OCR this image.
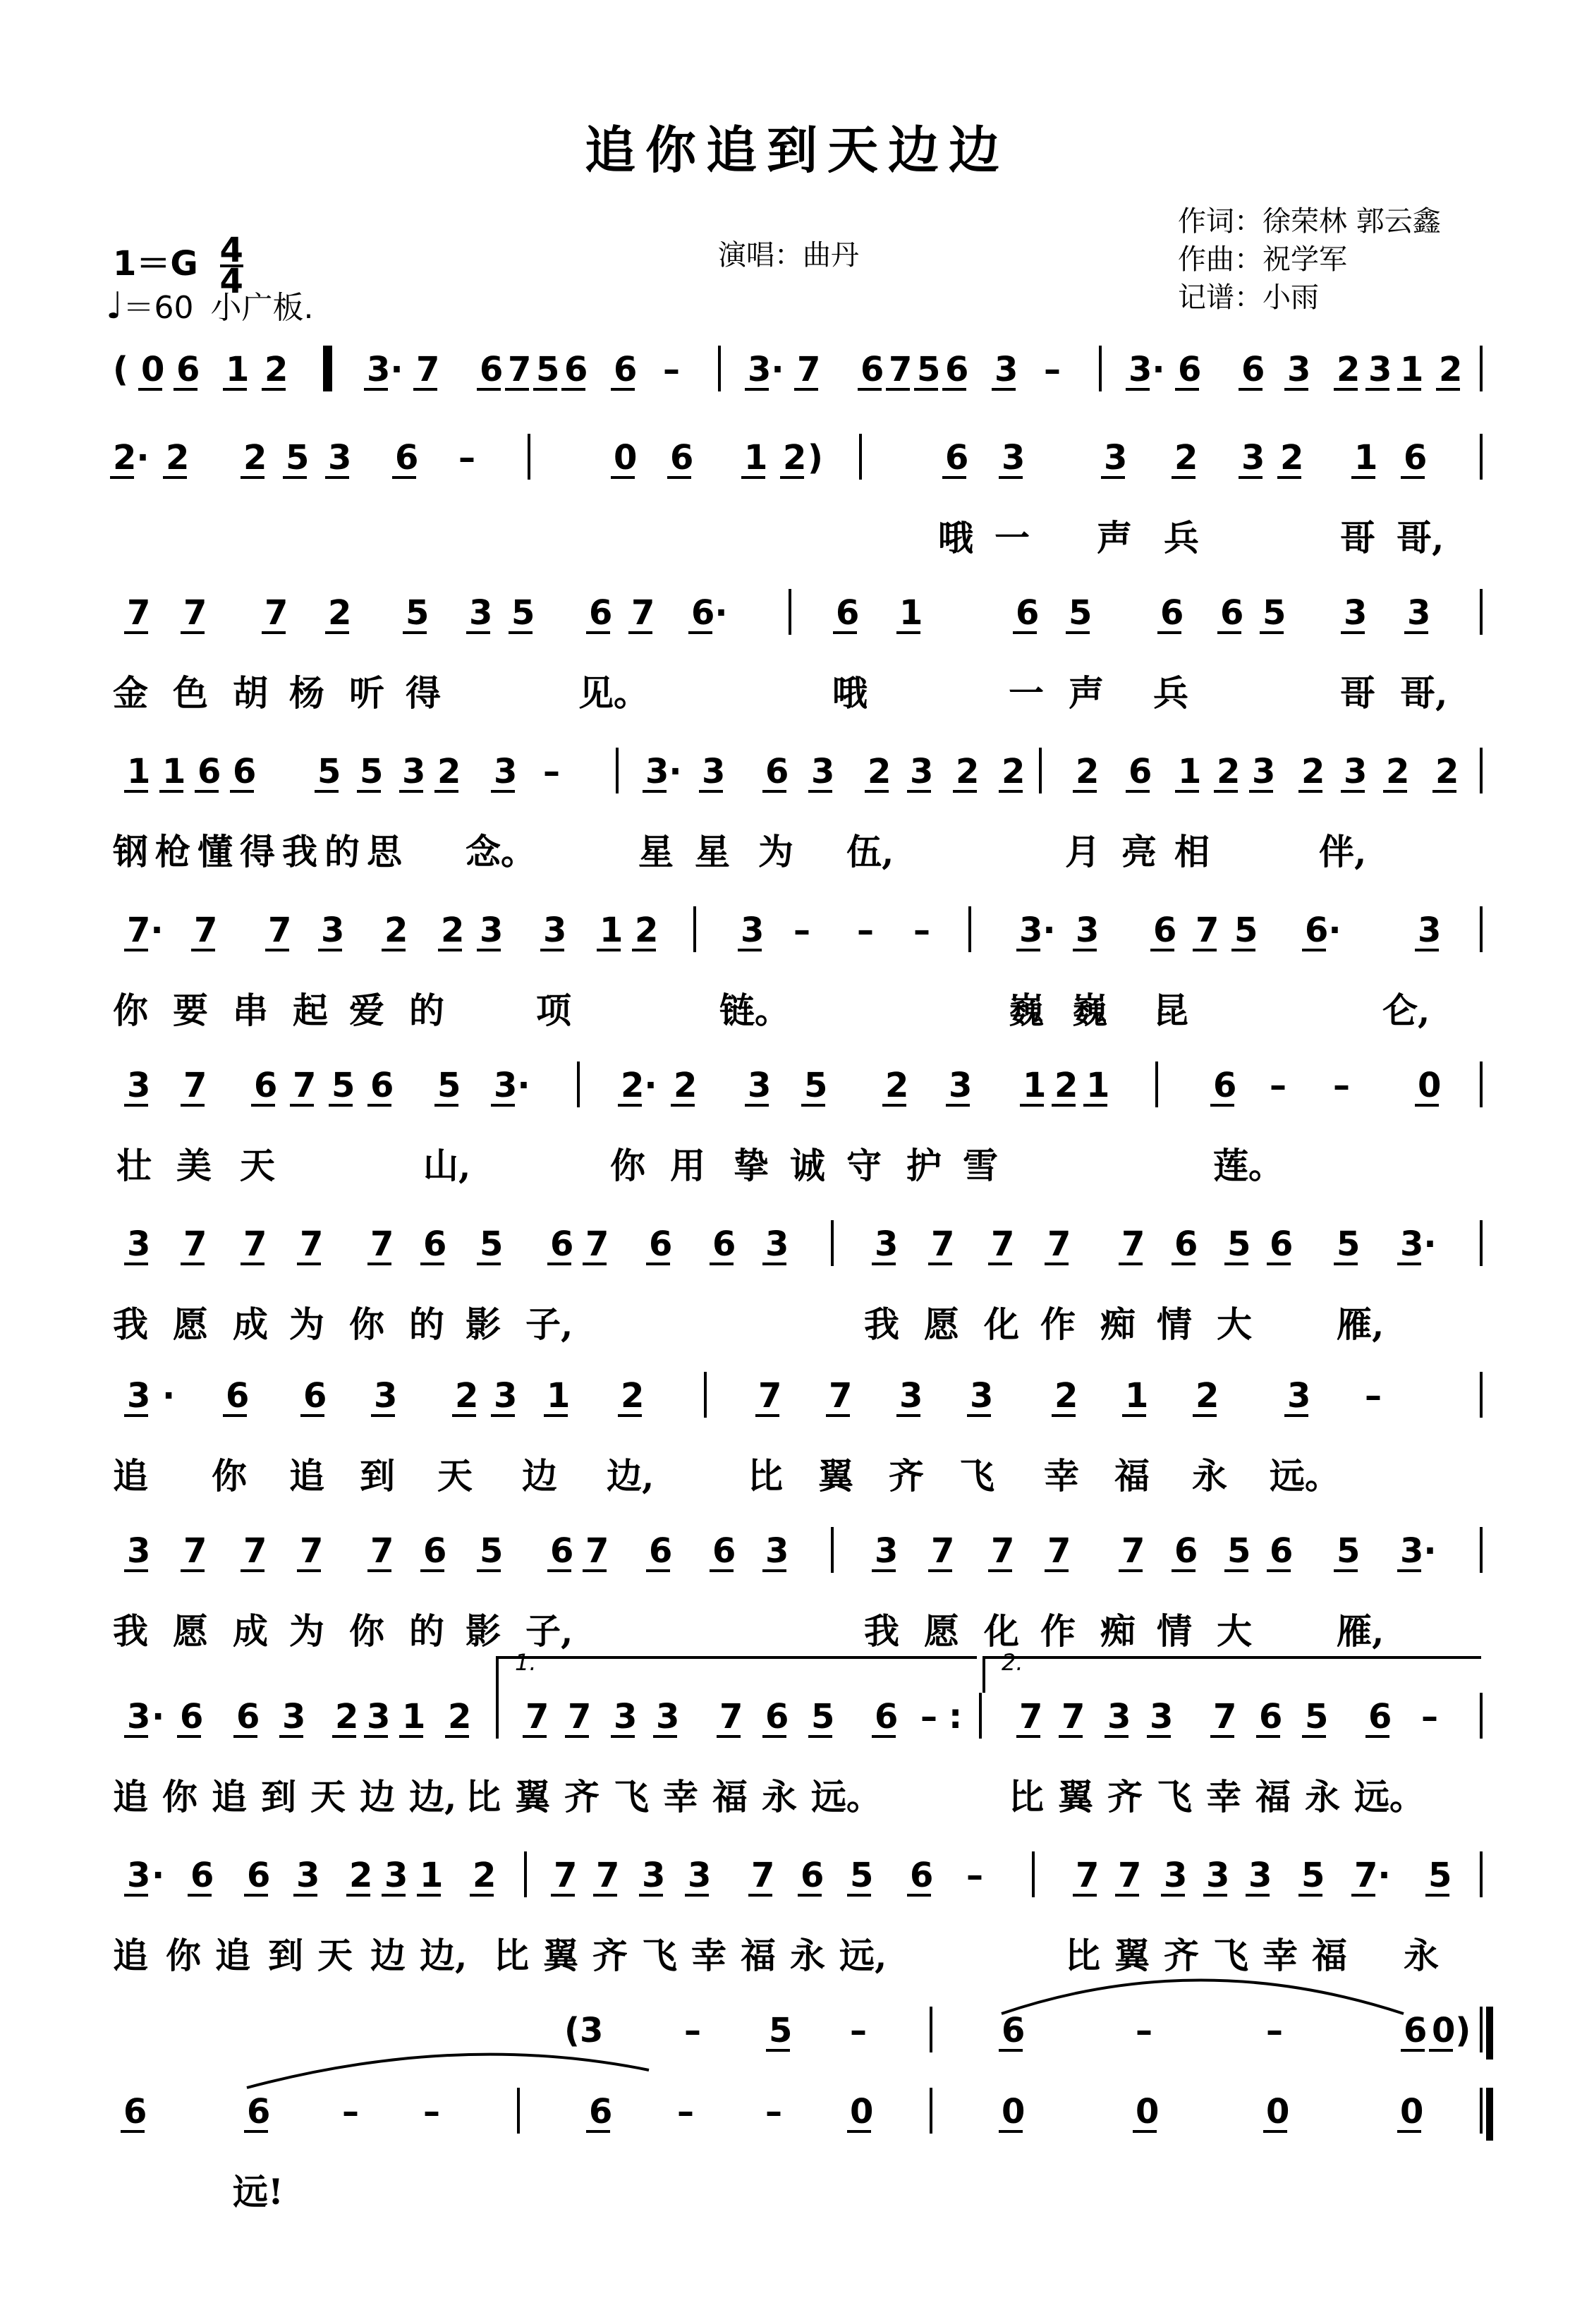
追你追到天边边
作词：徐荣林 郭云鑫
作曲：祝学军
记谱：小雨
演唱：曲丹
$1=G \frac{4}{4}$
♩＝60 小广板.
( 0 6 1 2 3· 7 6 7 5 6 6 – 3· 7 6 7 5 6 3 – 3· 6 6 3 2 3 1 2
2· 2 2 5 3 6 –	0 6 1 2 )	6 3 3 2 3 2 1 6
哦 一 声 兵	哥 哥,
7 7 7 2 5 3 5 6 7 6·	6 1	6 5 6 6 5 3 3
金 色 胡 杨 听 得	见。	哦	一 声 兵	哥 哥,
1 1 6 6 5 5 3 2 3 –	3· 3 6 3 2 3 2 2 2 6 1 2 3 2 3 2 2
钢 枪 懂 得 我 的 思 念。	星 星 为 伍,	月 亮 相	伴,
7· 7 7 3 2 2 3 3 1 2 3 – – –	3· 3 6 7 5 6· 3
你 要 串 起 爱 的	项	链。	巍 巍 昆	仑,
3 7 6 7 5 6 5 3·	2· 2 3 5 2 3 1 2 1	6 – – 0
壮 美 天	山,	你 用 挚 诚 守 护 雪	莲。
3 7 7 7 7 6 5 6 7 6 6 3	3 7 7 7 7 6 5 6 5 3·
我 愿 成 为 你 的 影 子,	我 愿 化 作 痴 情 大 雁,
3 · 6 6 3 2 3 1 2	7 7 3 3 2 1 2 3 –
追 你 追 到 天 边 边,	比 翼 齐 飞 幸 福 永 远。
3 7 7 7 7 6 5 6 7 6 6 3	3 7 7 7 7 6 5 6 5 3·
我 愿 成 为 你 的 影 子,	我 愿 化 作 痴 情 大 雁,
3 · 6 6 3 2 3 1 2 7 7 3 3 7 6 5 6 – : 7 7 3 3 7 6 5 6 –
追 你 追 到 天 边 边, 比 翼 齐 飞 幸 福 永 远。	比 翼 齐 飞 幸 福 永 远。
3 · 6 6 3 2 3 1 2 7 7 3 3 7 6 5 6 –	7 7 3 3 3 5 7· 5
追 你 追 到 天 边 边, 比 翼 齐 飞 幸 福 永 远,	比 翼 齐 飞 幸 福 永
(3 – 5 –	6	–	–	6 0)
6	6 – –	6 – – 0	0	0	0	0
远!
1.	2.
